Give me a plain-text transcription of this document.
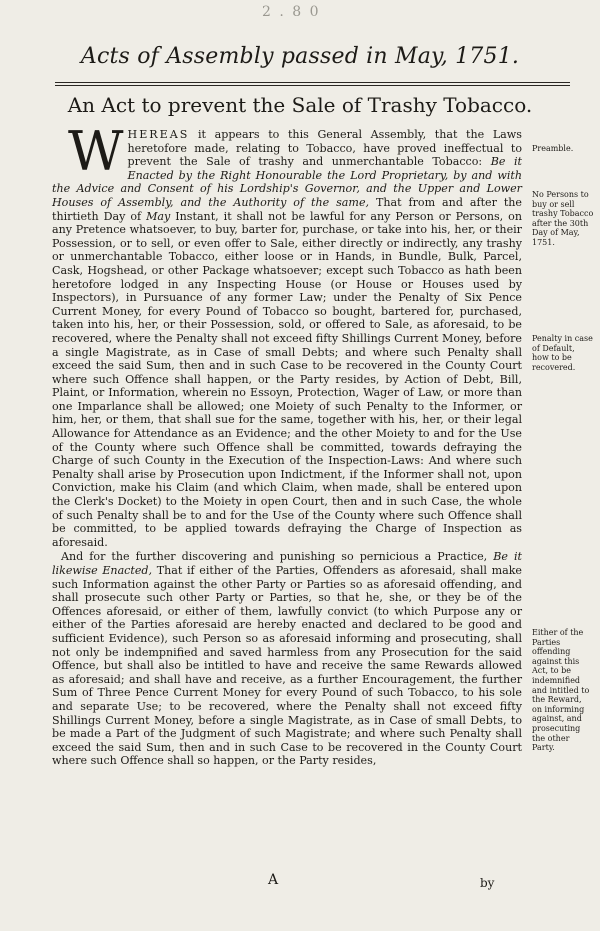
2 . 8 0
Acts of Assembly passed in May, 1751.
An Act to prevent the Sale of Trashy Tobacco.

WHEREAS it appears to this General Assembly, that the Laws heretofore made, relating to Tobacco, have proved ineffectual to prevent the Sale of trashy and unmerchantable Tobacco: Be it Enacted by the Right Honourable the Lord Proprietary, by and with the Advice and Consent of his Lordship's Governor, and the Upper and Lower Houses of Assembly, and the Authority of the same, That from and after the thirtieth Day of May Instant, it shall not be lawful for any Person or Persons, on any Pretence whatsoever, to buy, barter for, purchase, or take into his, her, or their Possession, or to sell, or even offer to Sale, either directly or indirectly, any trashy or unmerchantable Tobacco, either loose or in Hands, in Bundle, Bulk, Parcel, Cask, Hogshead, or other Package whatsoever; except such Tobacco as hath been heretofore lodged in any Inspecting House (or House or Houses used by Inspectors), in Pursuance of any former Law; under the Penalty of Six Pence Current Money, for every Pound of Tobacco so bought, bartered for, purchased, taken into his, her, or their Possession, sold, or offered to Sale, as aforesaid, to be recovered, where the Penalty shall not exceed fifty Shillings Current Money, before a single Magistrate, as in Case of small Debts; and where such Penalty shall exceed the said Sum, then and in such Case to be recovered in the County Court where such Offence shall happen, or the Party resides, by Action of Debt, Bill, Plaint, or Information, wherein no Essoyn, Protection, Wager of Law, or more than one Imparlance shall be allowed; one Moiety of such Penalty to the Informer, or him, her, or them, that shall sue for the same, together with his, her, or their legal Allowance for Attendance as an Evidence; and the other Moiety to and for the Use of the County where such Offence shall be committed, towards defraying the Charge of such County in the Execution of the Inspection-Laws: And where such Penalty shall arise by Prosecution upon Indictment, if the Informer shall not, upon Conviction, make his Claim (and which Claim, when made, shall be entered upon the Clerk's Docket) to the Moiety in open Court, then and in such Case, the whole of such Penalty shall be to and for the Use of the County where such Offence shall be committed, to be applied towards defraying the Charge of Inspection as aforesaid.

And for the further discovering and punishing so pernicious a Practice, Be it likewise Enacted, That if either of the Parties, Offenders as aforesaid, shall make such Information against the other Party or Parties so as aforesaid offending, and shall prosecute such other Party or Parties, so that he, she, or they be of the Offences aforesaid, or either of them, lawfully convict (to which Purpose any or either of the Parties aforesaid are hereby enacted and declared to be good and sufficient Evidence), such Person so as aforesaid informing and prosecuting, shall not only be indempnified and saved harmless from any Prosecution for the said Offence, but shall also be intitled to have and receive the same Rewards allowed as aforesaid; and shall have and receive, as a further Encouragement, the further Sum of Three Pence Current Money for every Pound of such Tobacco, to his sole and separate Use; to be recovered, where the Penalty shall not exceed fifty Shillings Current Money, before a single Magistrate, as in Case of small Debts, to be made a Part of the Judgment of such Magistrate; and where such Penalty shall exceed the said Sum, then and in such Case to be recovered in the County Court where such Offence shall so happen, or the Party resides,

Preamble.
No Persons to buy or sell trashy Tobacco after the 30th Day of May, 1751.
Penalty in case of Default, how to be recovered.
Either of the Parties offending against this Act, to be indemnified and intitled to the Reward, on informing against, and prosecuting the other Party.
A	by
